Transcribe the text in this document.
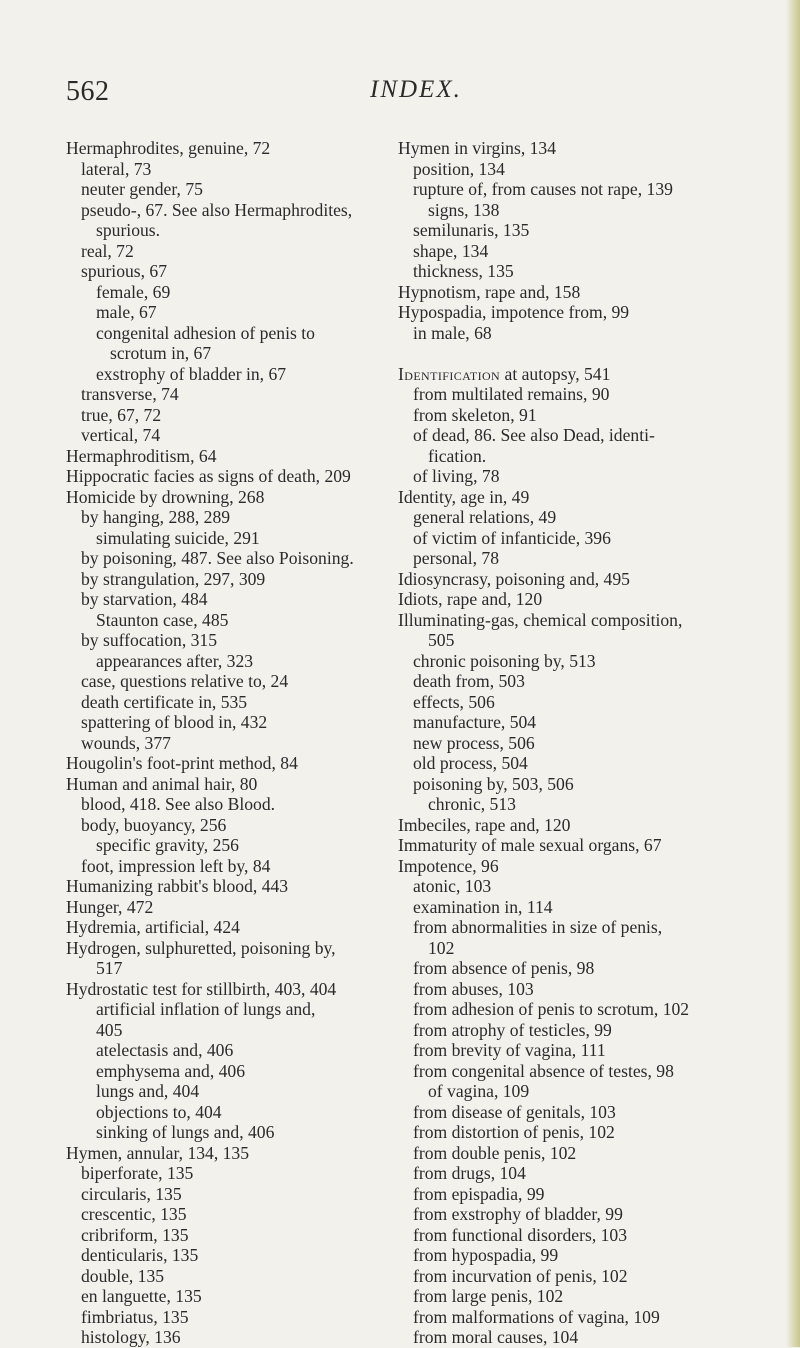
562	INDEX.
Hermaphrodites, genuine, 72
lateral, 73
neuter gender, 75
pseudo-, 67. See also Hermaphrodites,
spurious.
real, 72
spurious, 67
female, 69
male, 67
congenital adhesion of penis to
scrotum in, 67
exstrophy of bladder in, 67
transverse, 74
true, 67, 72
vertical, 74
Hermaphroditism, 64
Hippocratic facies as signs of death, 209
Homicide by drowning, 268
by hanging, 288, 289
simulating suicide, 291
by poisoning, 487. See also Poisoning.
by strangulation, 297, 309
by starvation, 484
Staunton case, 485
by suffocation, 315
appearances after, 323
case, questions relative to, 24
death certificate in, 535
spattering of blood in, 432
wounds, 377
Hougolin's foot-print method, 84
Human and animal hair, 80
blood, 418. See also Blood.
body, buoyancy, 256
specific gravity, 256
foot, impression left by, 84
Humanizing rabbit's blood, 443
Hunger, 472
Hydremia, artificial, 424
Hydrogen, sulphuretted, poisoning by,
517
Hydrostatic test for stillbirth, 403, 404
artificial inflation of lungs and,
405
atelectasis and, 406
emphysema and, 406
lungs and, 404
objections to, 404
sinking of lungs and, 406
Hymen, annular, 134, 135
biperforate, 135
circularis, 135
crescentic, 135
cribriform, 135
denticularis, 135
double, 135
en languette, 135
fimbriatus, 135
histology, 136
Hymen in virgins, 134
position, 134
rupture of, from causes not rape, 139
signs, 138
semilunaris, 135
shape, 134
thickness, 135
Hypnotism, rape and, 158
Hypospadia, impotence from, 99
in male, 68

Identification at autopsy, 541
from multilated remains, 90
from skeleton, 91
of dead, 86. See also Dead, identi-
fication.
of living, 78
Identity, age in, 49
general relations, 49
of victim of infanticide, 396
personal, 78
Idiosyncrasy, poisoning and, 495
Idiots, rape and, 120
Illuminating-gas, chemical composition,
505
chronic poisoning by, 513
death from, 503
effects, 506
manufacture, 504
new process, 506
old process, 504
poisoning by, 503, 506
chronic, 513
Imbeciles, rape and, 120
Immaturity of male sexual organs, 67
Impotence, 96
atonic, 103
examination in, 114
from abnormalities in size of penis,
102
from absence of penis, 98
from abuses, 103
from adhesion of penis to scrotum, 102
from atrophy of testicles, 99
from brevity of vagina, 111
from congenital absence of testes, 98
of vagina, 109
from disease of genitals, 103
from distortion of penis, 102
from double penis, 102
from drugs, 104
from epispadia, 99
from exstrophy of bladder, 99
from functional disorders, 103
from hypospadia, 99
from incurvation of penis, 102
from large penis, 102
from malformations of vagina, 109
from moral causes, 104
